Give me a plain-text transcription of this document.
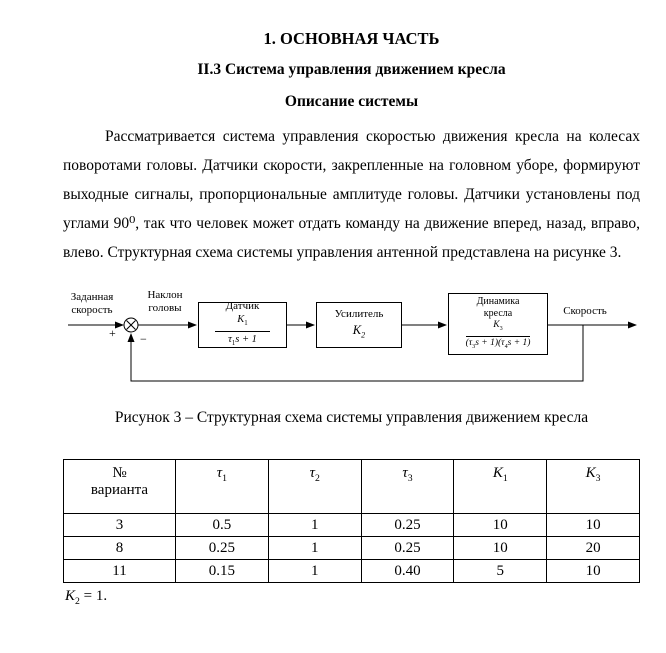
1. ОСНОВНАЯ ЧАСТЬ
II.3 Система управления движением кресла
Описание системы

Рассматривается система управления скоростью движения кресла на колесах поворотами головы. Датчики скорости, закрепленные на головном уборе, формируют выходные сигналы, пропорциональные амплитуде головы. Датчики установлены под углами 90⁰, так что человек может отдать команду на движение вперед, назад, вправо, влево. Структурная схема системы управления антенной представлена на рисунке 3.

Заданная
скорость
+ −
Наклон
головы	Датчик
$\frac{K_1}{\tau_1s + 1}$	Усилитель
$K_2$
Динамика
кресла
$\frac{K_3}{(\tau_3s + 1)(\tau_4s + 1)}$
Скорость

Рисунок 3 – Структурная схема системы управления движением кресла

№
варианта	$\tau_1$	$\tau_2$	$\tau_3$	$K_1$	$K_3$
3	0.5	1	0.25	10	10
8	0.25	1	0.25	10	20
11	0.15	1	0.40	5	10

$K_2 = 1$.
